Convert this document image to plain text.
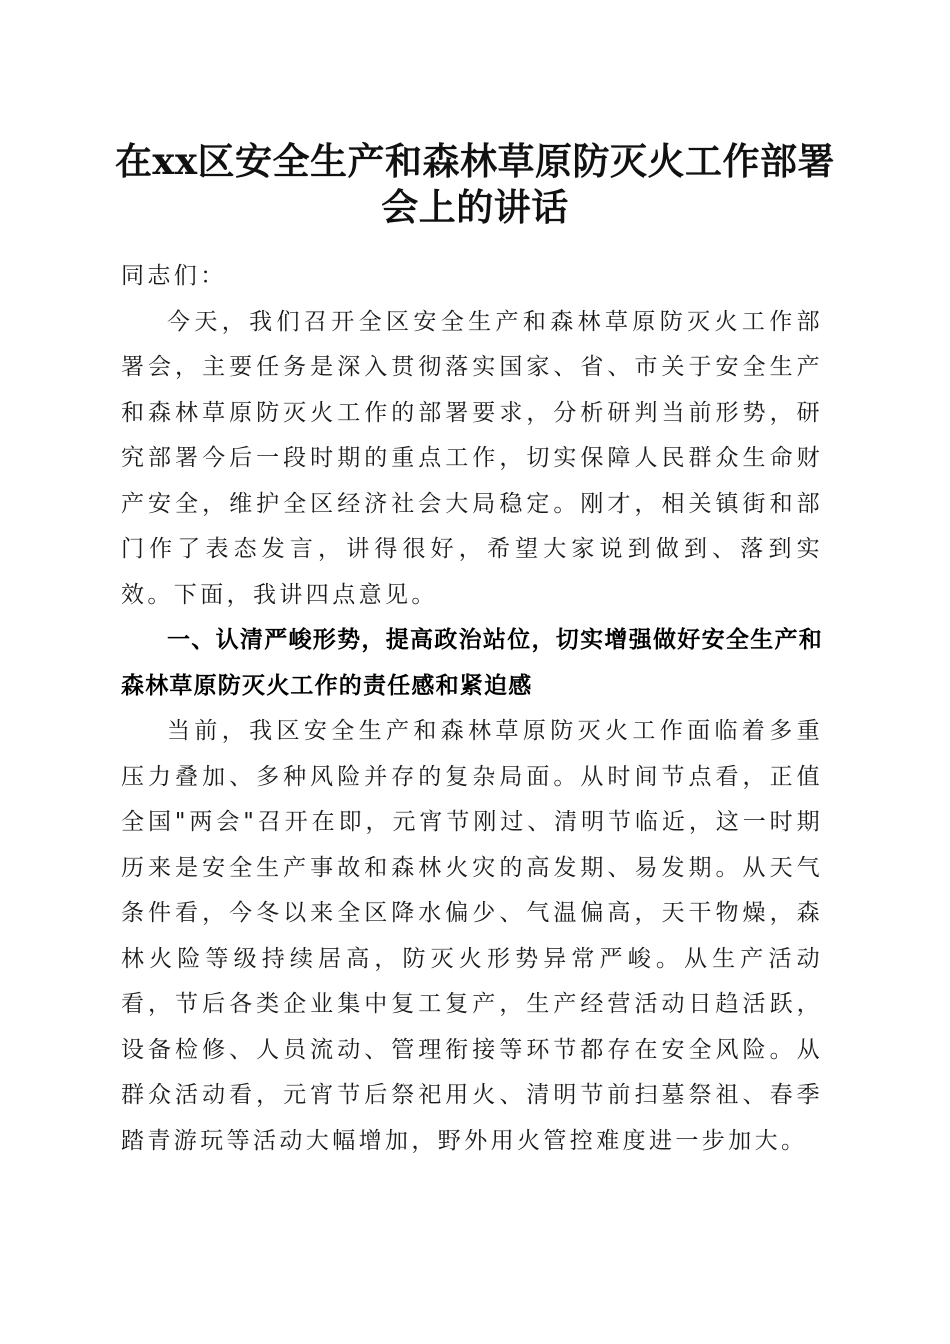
在xx区安全生产和森林草原防灭火工作部署
会上的讲话

同志们：

今天，我们召开全区安全生产和森林草原防灭火工作部署会，主要任务是深入贯彻落实国家、省、市关于安全生产和森林草原防灭火工作的部署要求，分析研判当前形势，研究部署今后一段时期的重点工作，切实保障人民群众生命财产安全，维护全区经济社会大局稳定。刚才，相关镇街和部门作了表态发言，讲得很好，希望大家说到做到、落到实效。下面，我讲四点意见。

一、认清严峻形势，提高政治站位，切实增强做好安全生产和森林草原防灭火工作的责任感和紧迫感

当前，我区安全生产和森林草原防灭火工作面临着多重压力叠加、多种风险并存的复杂局面。从时间节点看，正值全国"两会"召开在即，元宵节刚过、清明节临近，这一时期历来是安全生产事故和森林火灾的高发期、易发期。从天气条件看，今冬以来全区降水偏少、气温偏高，天干物燥，森林火险等级持续居高，防灭火形势异常严峻。从生产活动看，节后各类企业集中复工复产，生产经营活动日趋活跃，设备检修、人员流动、管理衔接等环节都存在安全风险。从群众活动看，元宵节后祭祀用火、清明节前扫墓祭祖、春季踏青游玩等活动大幅增加，野外用火管控难度进一步加大。
